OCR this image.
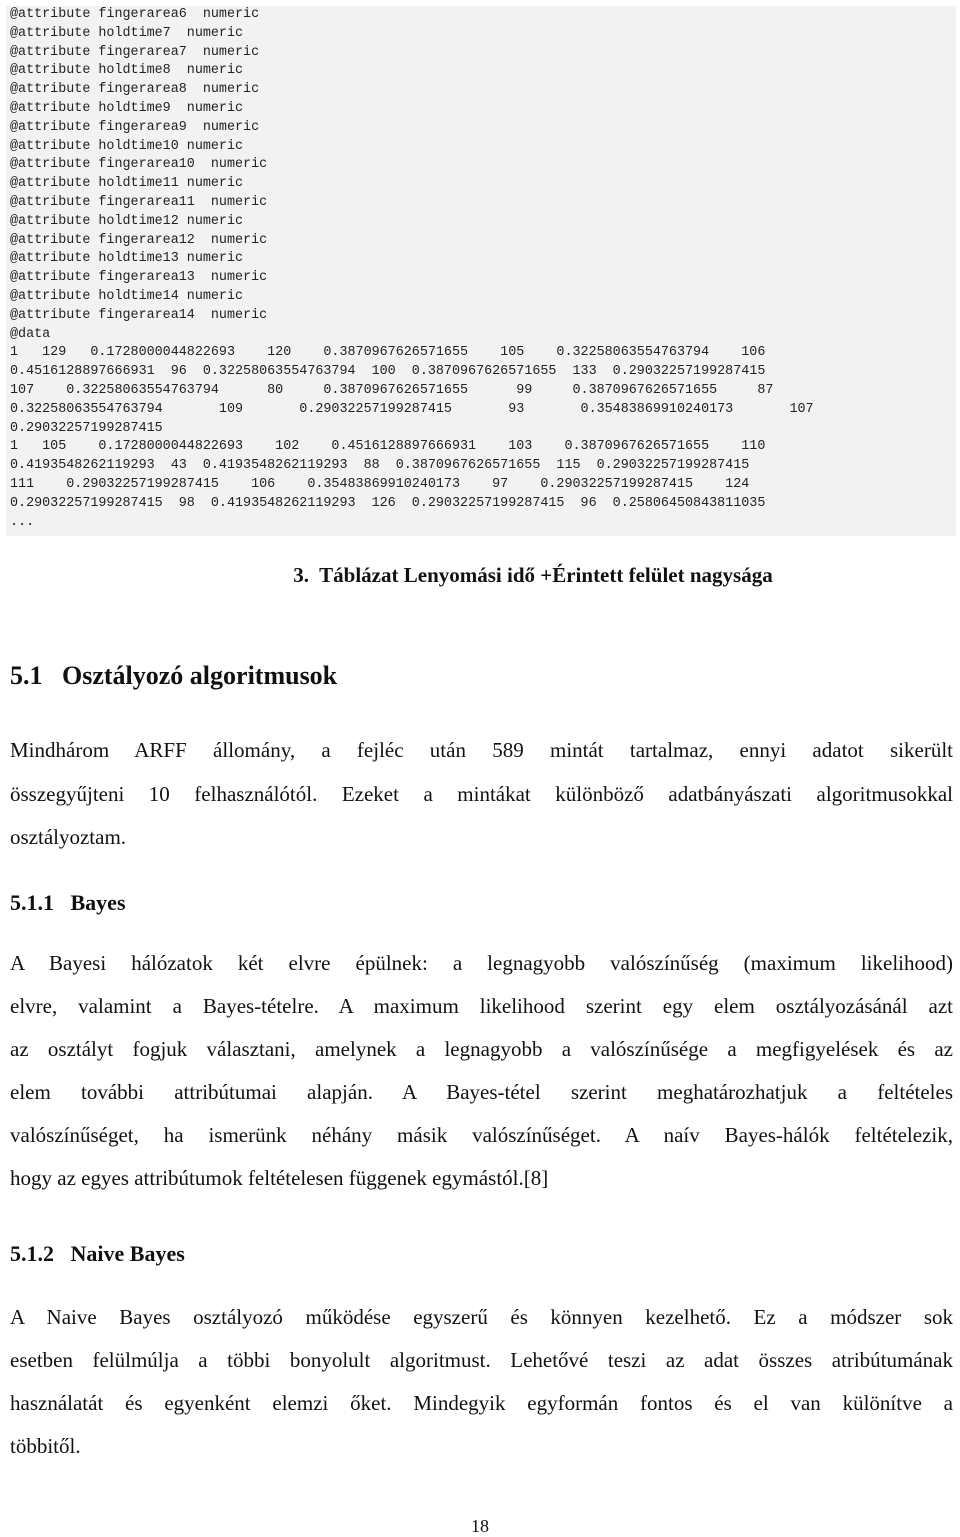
@attribute fingerarea6  numeric
@attribute holdtime7  numeric
@attribute fingerarea7  numeric
@attribute holdtime8  numeric
@attribute fingerarea8  numeric
@attribute holdtime9  numeric
@attribute fingerarea9  numeric
@attribute holdtime10 numeric
@attribute fingerarea10  numeric
@attribute holdtime11 numeric
@attribute fingerarea11  numeric
@attribute holdtime12 numeric
@attribute fingerarea12  numeric
@attribute holdtime13 numeric
@attribute fingerarea13  numeric
@attribute holdtime14 numeric
@attribute fingerarea14  numeric
@data
1   129   0.1728000044822693    120    0.3870967626571655    105    0.32258063554763794    106
0.4516128897666931  96  0.32258063554763794  100  0.3870967626571655  133  0.29032257199287415
107    0.32258063554763794      80     0.3870967626571655      99     0.3870967626571655     87
0.32258063554763794       109       0.29032257199287415       93       0.35483869910240173       107
0.29032257199287415
1   105    0.1728000044822693    102    0.4516128897666931    103    0.3870967626571655    110
0.4193548262119293  43  0.4193548262119293  88  0.3870967626571655  115  0.29032257199287415
111    0.29032257199287415    106    0.35483869910240173    97    0.29032257199287415    124
0.29032257199287415  98  0.4193548262119293  126  0.29032257199287415  96  0.25806450843811035
...
3.  Táblázat Lenyomási idő +Érintett felület nagysága
5.1   Osztályozó algoritmusok
Mindhárom ARFF állomány, a fejléc után 589 mintát tartalmaz, ennyi adatot sikerült
összegyűjteni 10 felhasználótól. Ezeket a mintákat különböző adatbányászati algoritmusokkal
osztályoztam.
5.1.1   Bayes
A Bayesi hálózatok két elvre épülnek: a legnagyobb valószínűség (maximum likelihood)
elvre, valamint a Bayes-tételre. A maximum likelihood szerint egy elem osztályozásánál azt
az osztályt fogjuk választani, amelynek a legnagyobb a valószínűsége a megfigyelések és az
elem további attribútumai alapján. A Bayes-tétel szerint meghatározhatjuk a feltételes
valószínűséget, ha ismerünk néhány másik valószínűséget. A naív Bayes-hálók feltételezik,
hogy az egyes attribútumok feltételesen függenek egymástól.[8]
5.1.2   Naive Bayes
A Naive Bayes osztályozó működése egyszerű és könnyen kezelhető. Ez a módszer sok
esetben felülmúlja a többi bonyolult algoritmust. Lehetővé teszi az adat összes atribútumának
használatát és egyenként elemzi őket. Mindegyik egyformán fontos és el van különítve a
többitől.
18
